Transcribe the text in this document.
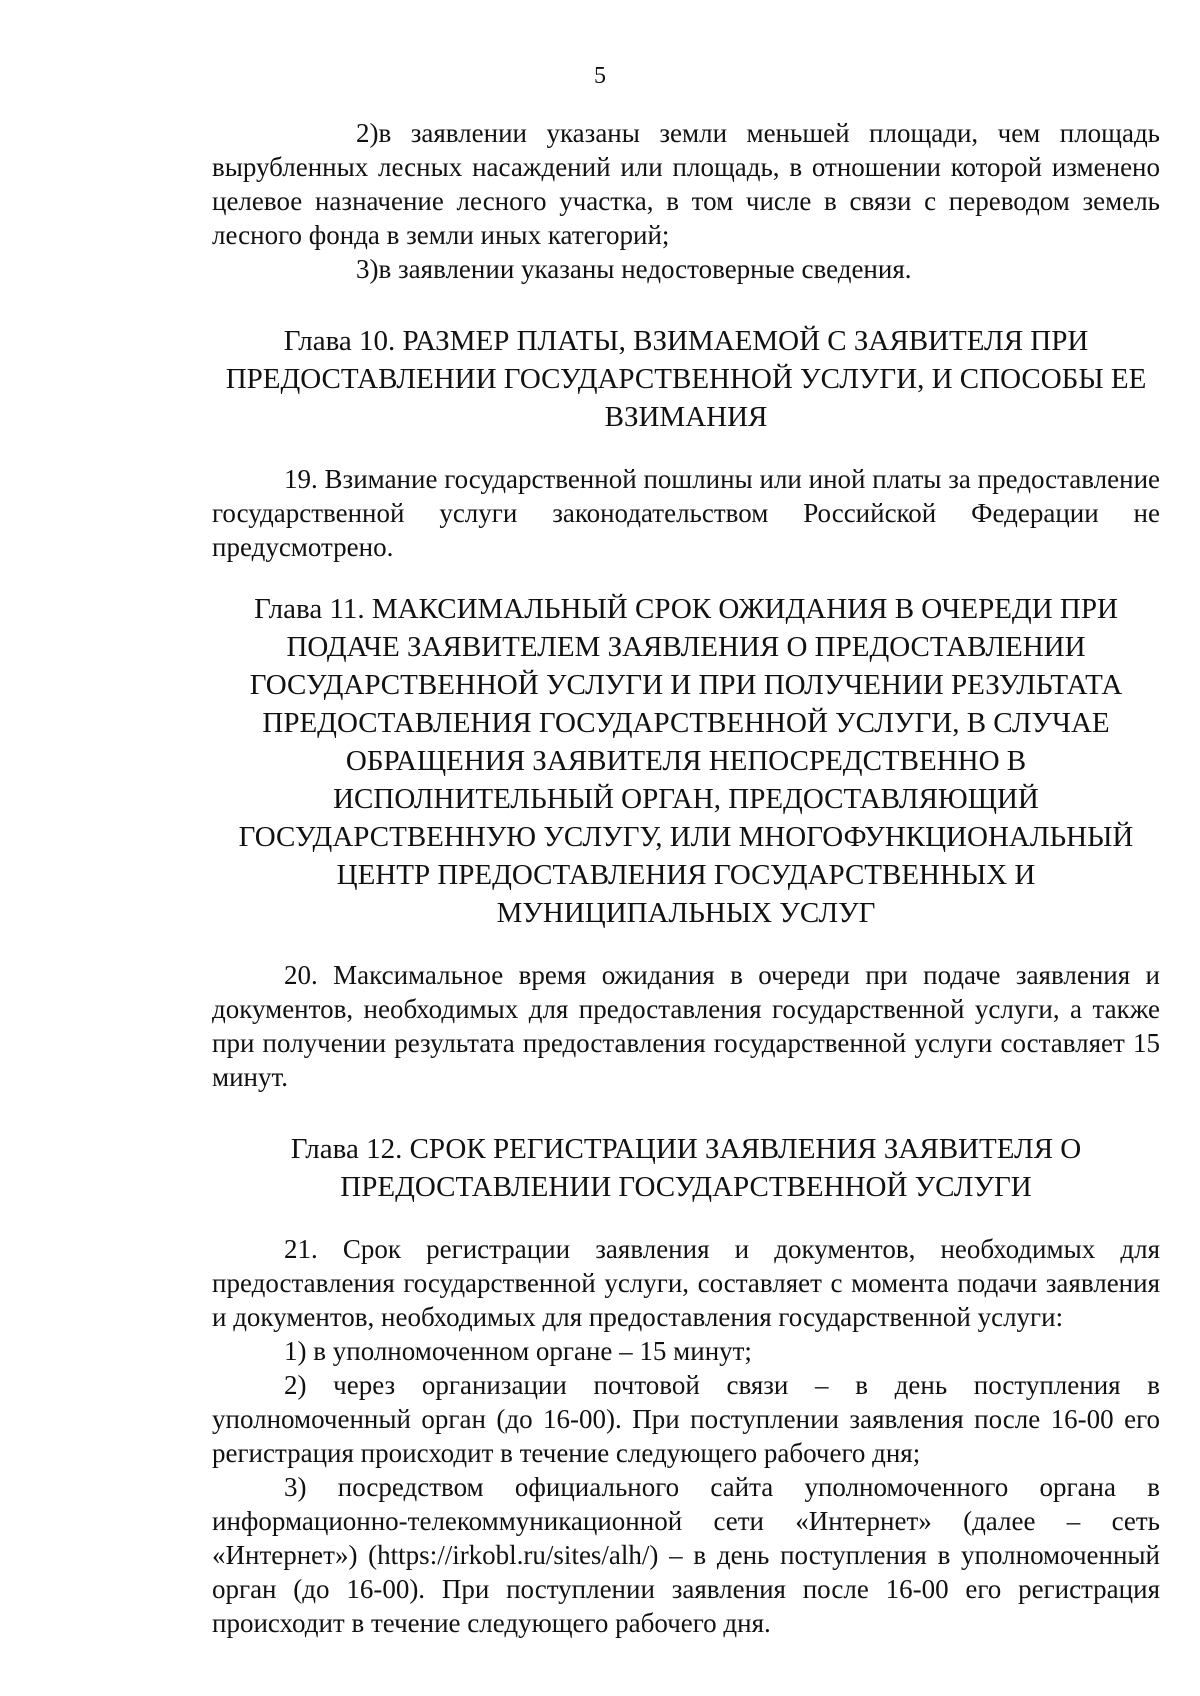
5

2)в заявлении указаны земли меньшей площади, чем площадь вырубленных лесных насаждений или площадь, в отношении которой изменено целевое назначение лесного участка, в том числе в связи с переводом земель лесного фонда в земли иных категорий;

3)в заявлении указаны недостоверные сведения.

Глава 10. РАЗМЕР ПЛАТЫ, ВЗИМАЕМОЙ С ЗАЯВИТЕЛЯ ПРИ ПРЕДОСТАВЛЕНИИ ГОСУДАРСТВЕННОЙ УСЛУГИ, И СПОСОБЫ ЕЕ ВЗИМАНИЯ

19. Взимание государственной пошлины или иной платы за предоставление государственной услуги законодательством Российской Федерации не предусмотрено.

Глава 11. МАКСИМАЛЬНЫЙ СРОК ОЖИДАНИЯ В ОЧЕРЕДИ ПРИ ПОДАЧЕ ЗАЯВИТЕЛЕМ ЗАЯВЛЕНИЯ О ПРЕДОСТАВЛЕНИИ ГОСУДАРСТВЕННОЙ УСЛУГИ И ПРИ ПОЛУЧЕНИИ РЕЗУЛЬТАТА ПРЕДОСТАВЛЕНИЯ ГОСУДАРСТВЕННОЙ УСЛУГИ, В СЛУЧАЕ ОБРАЩЕНИЯ ЗАЯВИТЕЛЯ НЕПОСРЕДСТВЕННО В ИСПОЛНИТЕЛЬНЫЙ ОРГАН, ПРЕДОСТАВЛЯЮЩИЙ ГОСУДАРСТВЕННУЮ УСЛУГУ, ИЛИ МНОГОФУНКЦИОНАЛЬНЫЙ ЦЕНТР ПРЕДОСТАВЛЕНИЯ ГОСУДАРСТВЕННЫХ И МУНИЦИПАЛЬНЫХ УСЛУГ

20. Максимальное время ожидания в очереди при подаче заявления и документов, необходимых для предоставления государственной услуги, а также при получении результата предоставления государственной услуги составляет 15 минут.

Глава 12. СРОК РЕГИСТРАЦИИ ЗАЯВЛЕНИЯ ЗАЯВИТЕЛЯ О ПРЕДОСТАВЛЕНИИ ГОСУДАРСТВЕННОЙ УСЛУГИ

21. Срок регистрации заявления и документов, необходимых для предоставления государственной услуги, составляет с момента подачи заявления и документов, необходимых для предоставления государственной услуги:

1) в уполномоченном органе – 15 минут;

2) через организации почтовой связи – в день поступления в уполномоченный орган (до 16-00). При поступлении заявления после 16-00 его регистрация происходит в течение следующего рабочего дня;

3) посредством официального сайта уполномоченного органа в информационно-телекоммуникационной сети «Интернет» (далее – сеть «Интернет») (https://irkobl.ru/sites/alh/) – в день поступления в уполномоченный орган (до 16-00). При поступлении заявления после 16-00 его регистрация происходит в течение следующего рабочего дня.
